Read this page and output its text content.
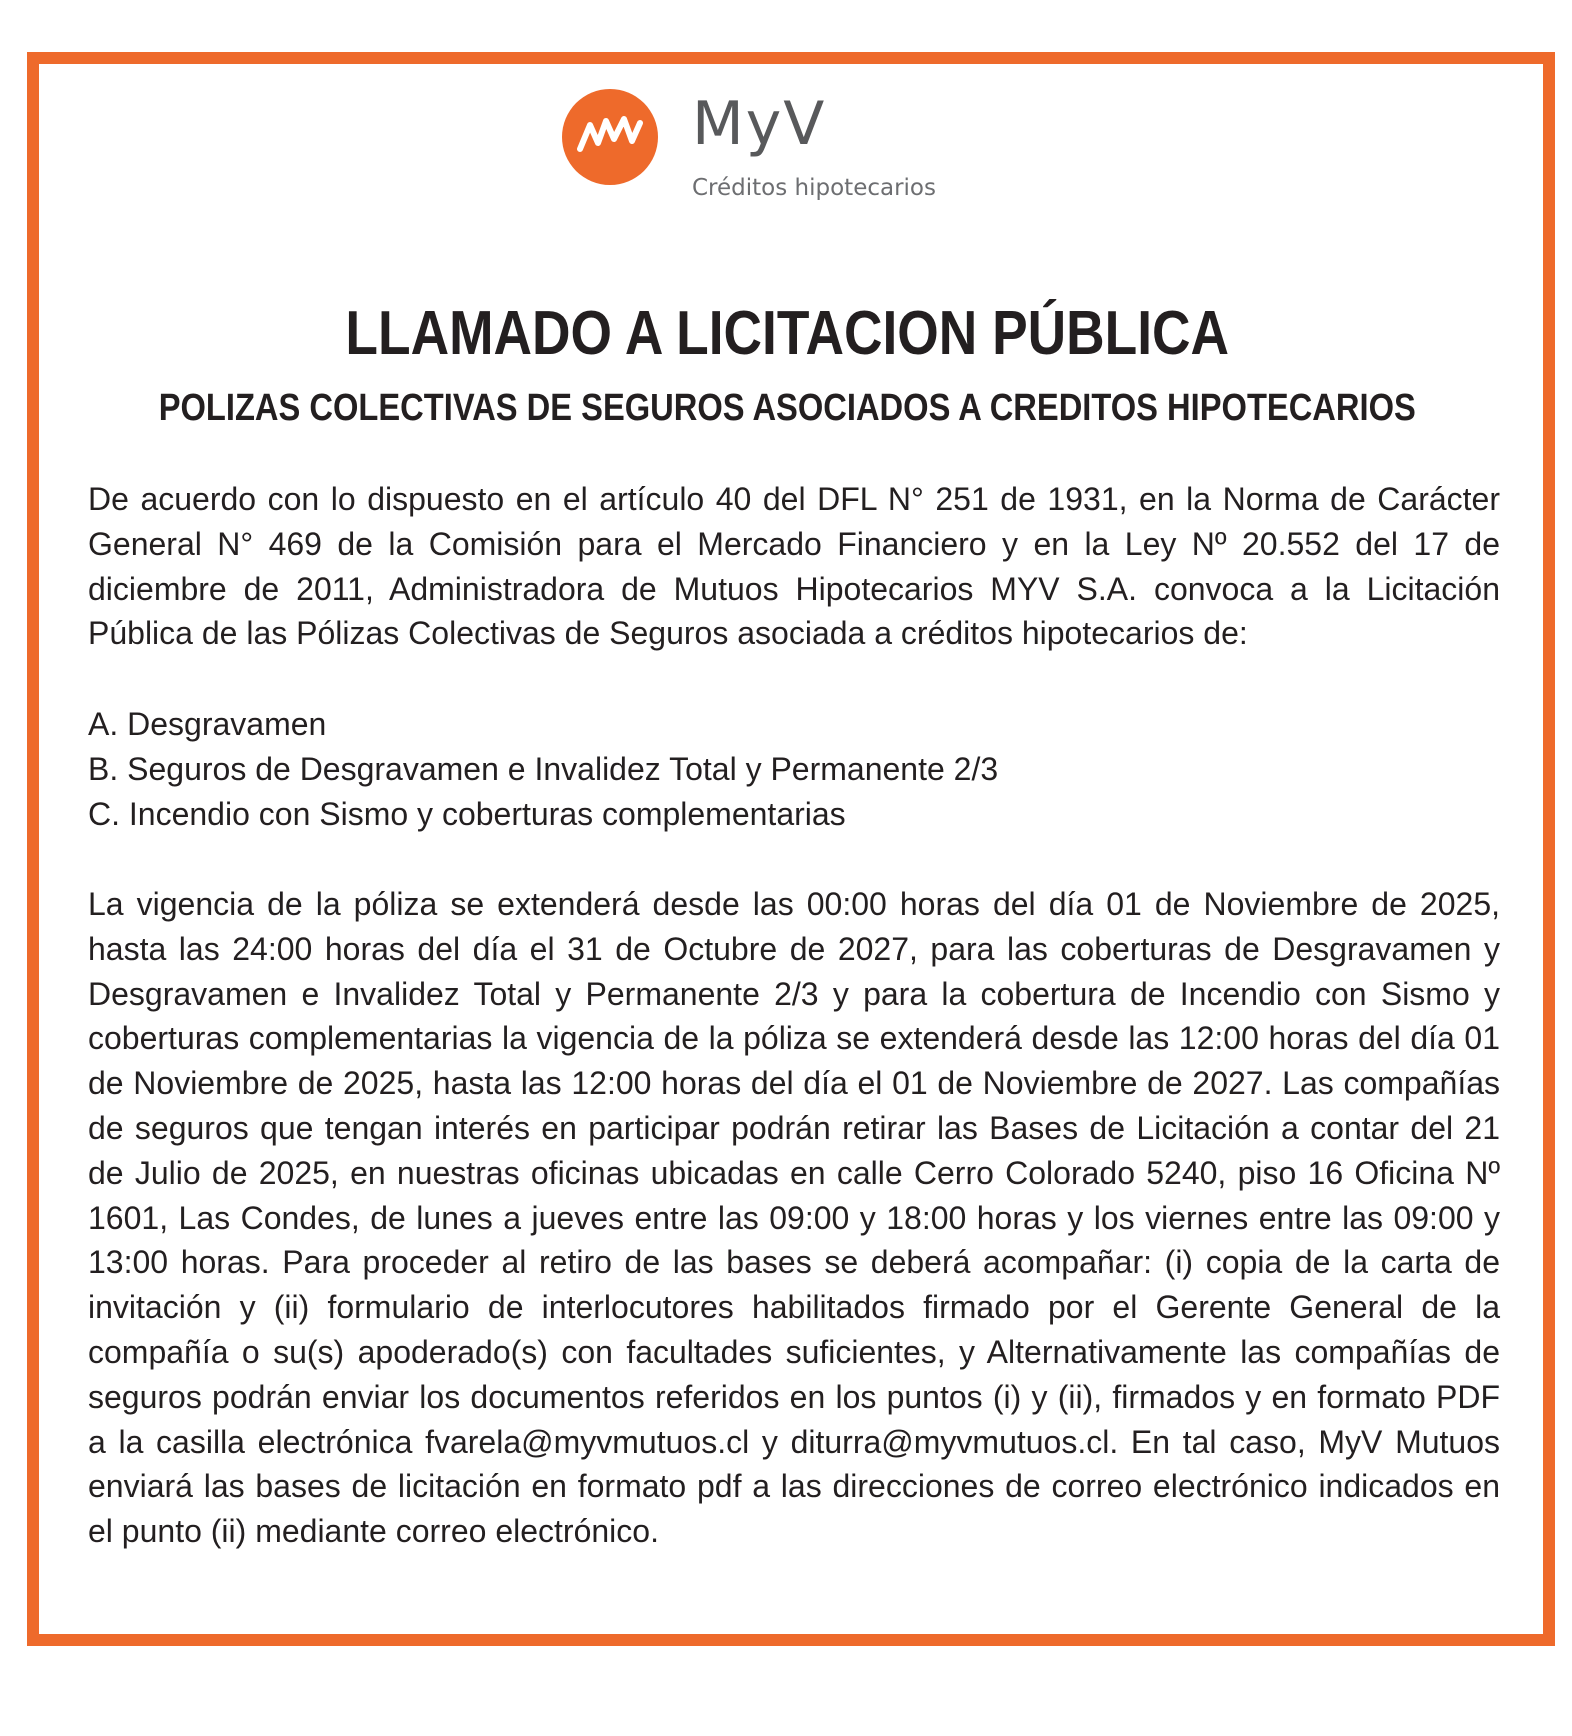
MyV
Créditos hipotecarios
LLAMADO A LICITACION PÚBLICA
POLIZAS COLECTIVAS DE SEGUROS ASOCIADOS A CREDITOS HIPOTECARIOS

De acuerdo con lo dispuesto en el artículo 40 del DFL N° 251 de 1931, en la Norma de Carácter General N° 469 de la Comisión para el Mercado Financiero y en la Ley Nº 20.552 del 17 de diciembre de 2011, Administradora de Mutuos Hipotecarios MYV S.A. convoca a la Licitación Pública de las Pólizas Colectivas de Seguros asociada a créditos hipotecarios de:

A. Desgravamen
B. Seguros de Desgravamen e Invalidez Total y Permanente 2/3
C. Incendio con Sismo y coberturas complementarias

La vigencia de la póliza se extenderá desde las 00:00 horas del día 01 de Noviembre de 2025, hasta las 24:00 horas del día el 31 de Octubre de 2027, para las coberturas de Desgravamen y Desgravamen e Invalidez Total y Permanente 2/3 y para la cobertura de Incendio con Sismo y coberturas complementarias la vigencia de la póliza se extenderá desde las 12:00 horas del día 01 de Noviembre de 2025, hasta las 12:00 horas del día el 01 de Noviembre de 2027. Las compañías de seguros que tengan interés en participar podrán retirar las Bases de Licitación a contar del 21 de Julio de 2025, en nuestras oficinas ubicadas en calle Cerro Colorado 5240, piso 16 Oficina Nº 1601, Las Condes, de lunes a jueves entre las 09:00 y 18:00 horas y los viernes entre las 09:00 y 13:00 horas. Para proceder al retiro de las bases se deberá acompañar: (i) copia de la carta de invitación y (ii) formulario de interlocutores habilitados firmado por el Gerente General de la compañía o su(s) apoderado(s) con facultades suficientes, y Alternativamente las compañías de seguros podrán enviar los documentos referidos en los puntos (i) y (ii), firmados y en formato PDF a la casilla electrónica fvarela@myvmutuos.cl y diturra@myvmutuos.cl. En tal caso, MyV Mutuos enviará las bases de licitación en formato pdf a las direcciones de correo electrónico indicados en el punto (ii) mediante correo electrónico.
